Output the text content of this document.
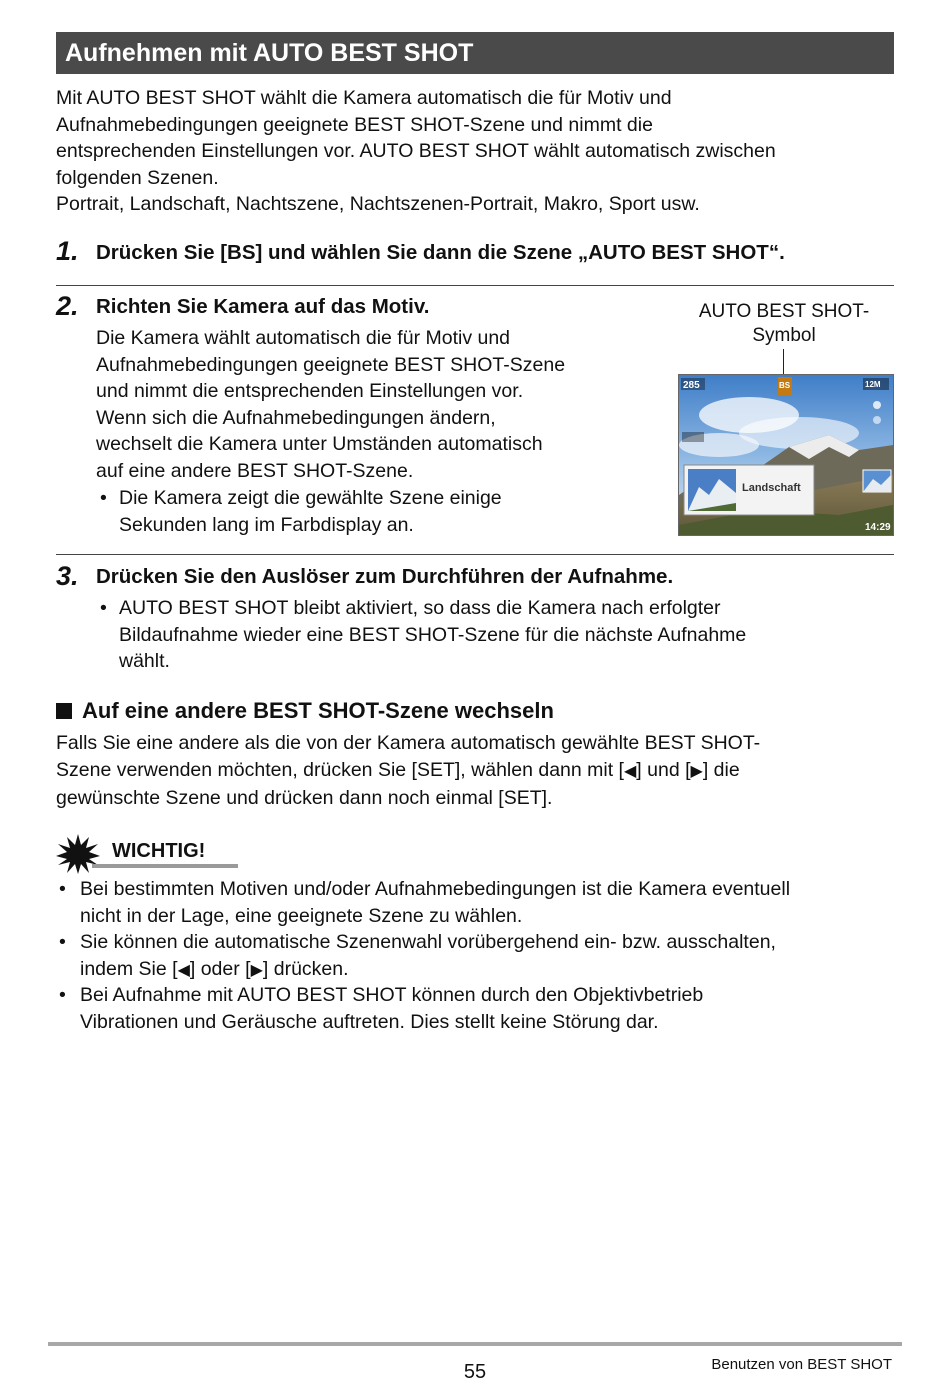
Aufnehmen mit AUTO BEST SHOT
Mit AUTO BEST SHOT wählt die Kamera automatisch die für Motiv und
Aufnahmebedingungen geeignete BEST SHOT-Szene und nimmt die
entsprechenden Einstellungen vor. AUTO BEST SHOT wählt automatisch zwischen
folgenden Szenen.
Portrait, Landschaft, Nachtszene, Nachtszenen-Portrait, Makro, Sport usw.
1. Drücken Sie [BS] und wählen Sie dann die Szene „AUTO BEST SHOT“.
2. Richten Sie Kamera auf das Motiv.
Die Kamera wählt automatisch die für Motiv und
Aufnahmebedingungen geeignete BEST SHOT-Szene
und nimmt die entsprechenden Einstellungen vor.
Wenn sich die Aufnahmebedingungen ändern,
wechselt die Kamera unter Umständen automatisch
auf eine andere BEST SHOT-Szene.
• Die Kamera zeigt die gewählte Szene einige
Sekunden lang im Farbdisplay an.
AUTO BEST SHOT-
Symbol
285	BS	12M
Landschaft
14:29
3. Drücken Sie den Auslöser zum Durchführen der Aufnahme.
• AUTO BEST SHOT bleibt aktiviert, so dass die Kamera nach erfolgter
Bildaufnahme wieder eine BEST SHOT-Szene für die nächste Aufnahme
wählt.
Auf eine andere BEST SHOT-Szene wechseln
Falls Sie eine andere als die von der Kamera automatisch gewählte BEST SHOT-
Szene verwenden möchten, drücken Sie [SET], wählen dann mit [◀] und [▶] die
gewünschte Szene und drücken dann noch einmal [SET].
WICHTIG!
• Bei bestimmten Motiven und/oder Aufnahmebedingungen ist die Kamera eventuell
nicht in der Lage, eine geeignete Szene zu wählen.
• Sie können die automatische Szenenwahl vorübergehend ein- bzw. ausschalten,
indem Sie [◀] oder [▶] drücken.
• Bei Aufnahme mit AUTO BEST SHOT können durch den Objektivbetrieb
Vibrationen und Geräusche auftreten. Dies stellt keine Störung dar.
55	Benutzen von BEST SHOT
